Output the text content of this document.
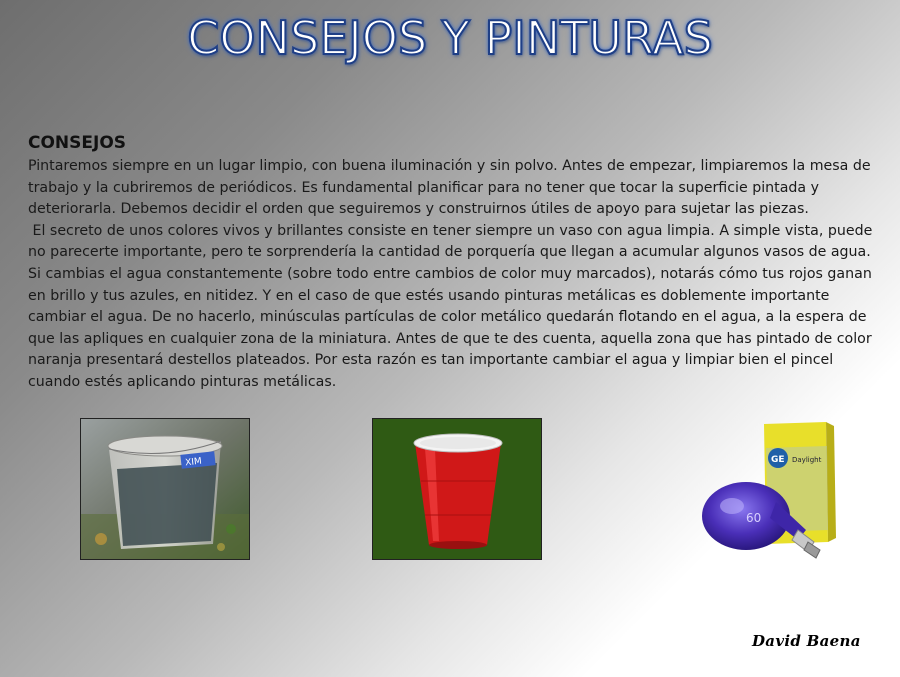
CONSEJOS Y PINTURAS
CONSEJOS

Pintaremos siempre en un lugar limpio, con buena iluminación y sin polvo. Antes de empezar, limpiaremos la mesa de trabajo y la cubriremos de periódicos. Es fundamental planificar para no tener que tocar la superficie pintada y deteriorarla. Debemos decidir el orden que seguiremos y construirnos útiles de apoyo para sujetar las piezas.

El secreto de unos colores vivos y brillantes consiste en tener siempre un vaso con agua limpia. A simple vista, puede no parecerte importante, pero te sorprendería la cantidad de porquería que llegan a acumular algunos vasos de agua. Si cambias el agua constantemente (sobre todo entre cambios de color muy marcados), notarás cómo tus rojos ganan en brillo y tus azules, en nitidez. Y en el caso de que estés usando pinturas metálicas es doblemente importante cambiar el agua. De no hacerlo, minúsculas partículas de color metálico quedarán flotando en el agua, a la espera de que las apliques en cualquier zona de la miniatura. Antes de que te des cuenta, aquella zona que has pintado de color naranja presentará destellos plateados. Por esta razón es tan importante cambiar el agua y limpiar bien el pincel cuando estés aplicando pinturas metálicas.

XIM	GE Daylight
60
David Baena
